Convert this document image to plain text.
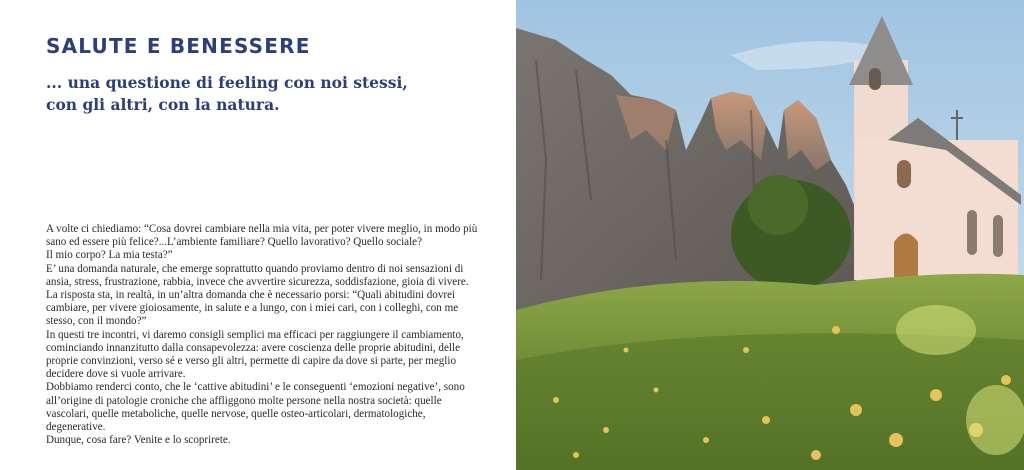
SALUTE E BENESSERE
... una questione di feeling con noi stessi,
con gli altri, con la natura.

A volte ci chiediamo: “Cosa dovrei cambiare nella mia vita, per poter vivere meglio, in modo più sano ed essere più felice?...L’ambiente familiare? Quello lavorativo? Quello sociale?

Il mio corpo? La mia testa?”

E’ una domanda naturale, che emerge soprattutto quando proviamo dentro di noi sensazioni di ansia, stress, frustrazione, rabbia, invece che avvertire sicurezza, soddisfazione, gioia di vivere.

La risposta sta, in realtà, in un’altra domanda che è necessario porsi: “Quali abitudini dovrei cambiare, per vivere gioiosamente, in salute e a lungo, con i miei cari, con i colleghi, con me stesso, con il mondo?”

In questi tre incontri, vi daremo consigli semplici ma efficaci per raggiungere il cambiamento, cominciando innanzitutto dalla consapevolezza: avere coscienza delle proprie abitudini, delle proprie convinzioni, verso sé e verso gli altri, permette di capire da dove si parte, per meglio decidere dove si vuole arrivare.

Dobbiamo renderci conto, che le ‘cattive abitudini’ e le conseguenti ‘emozioni negative’, sono all’origine di patologie croniche che affliggono molte persone nella nostra società: quelle vascolari, quelle metaboliche, quelle nervose, quelle osteo-articolari, dermatologiche, degenerative.

Dunque, cosa fare? Venite e lo scoprirete.
